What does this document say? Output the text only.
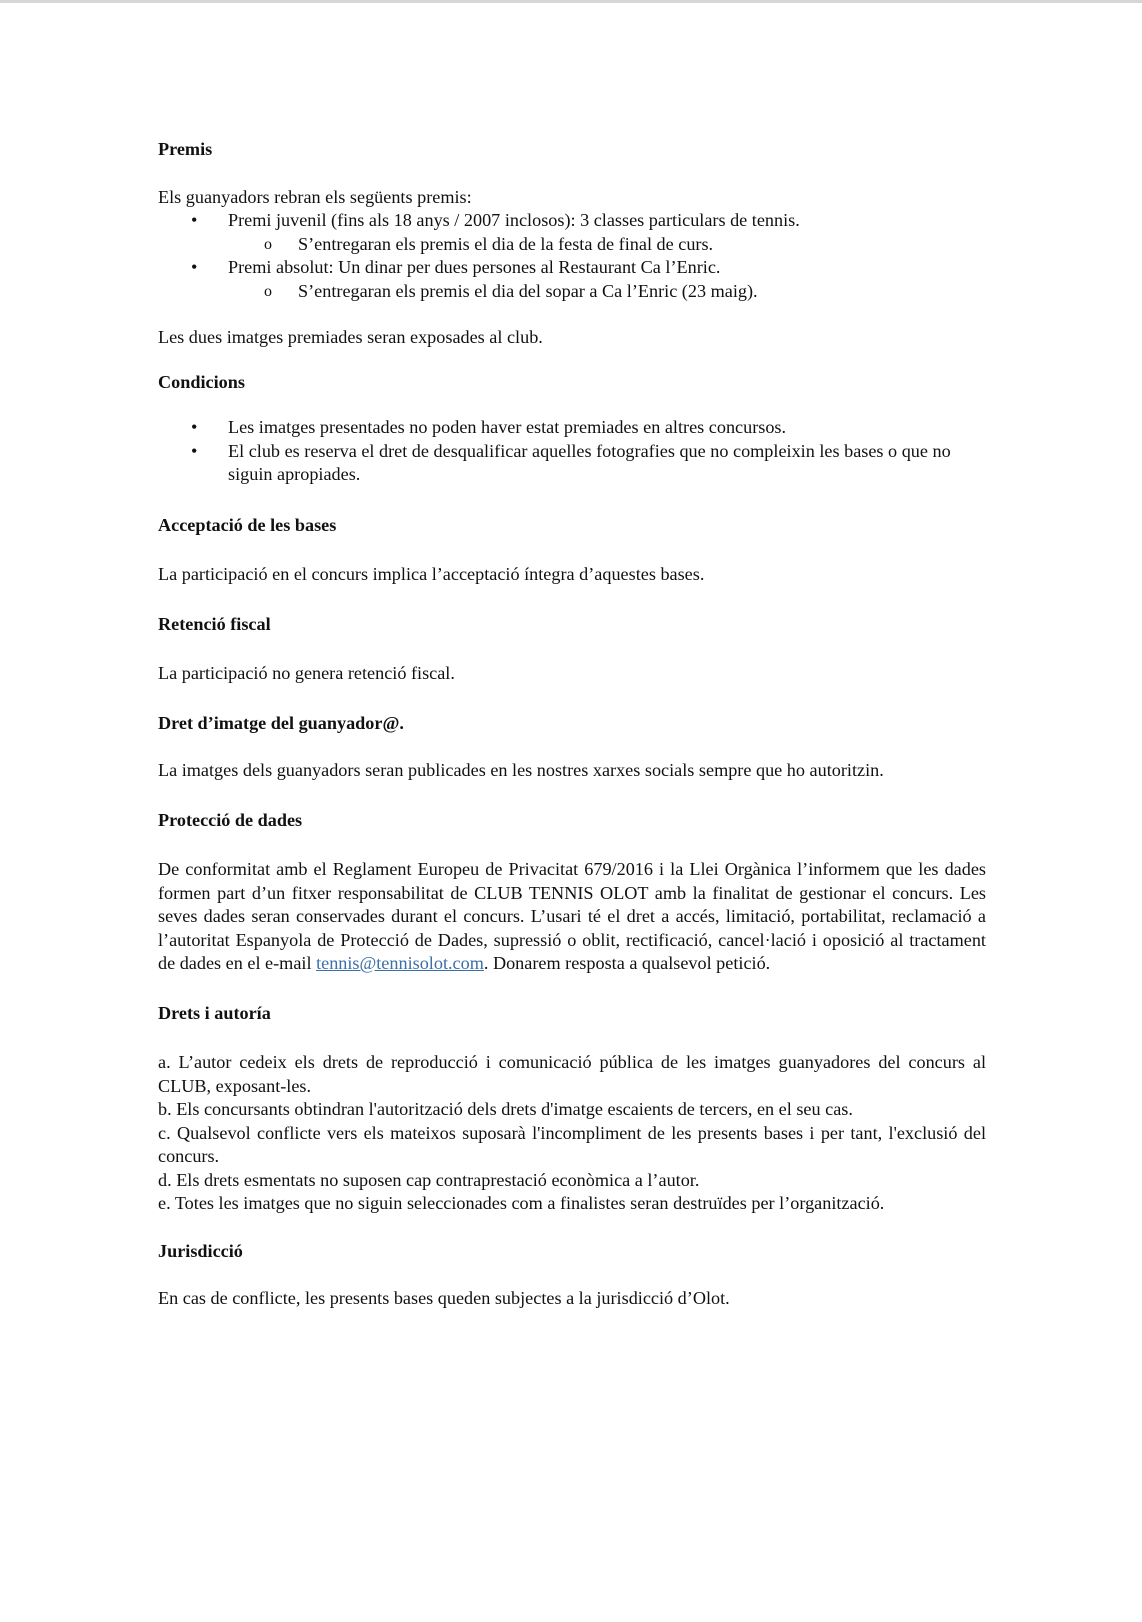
Premis

Els guanyadors rebran els següents premis:

• Premi juvenil (fins als 18 anys / 2007 inclosos): 3 classes particulars de tennis.
o S’entregaran els premis el dia de la festa de final de curs.
• Premi absolut: Un dinar per dues persones al Restaurant Ca l’Enric.
o S’entregaran els premis el dia del sopar a Ca l’Enric (23 maig).

Les dues imatges premiades seran exposades al club.

Condicions

• Les imatges presentades no poden haver estat premiades en altres concursos.
• El club es reserva el dret de desqualificar aquelles fotografies que no compleixin les bases o que no siguin apropiades.

Acceptació de les bases

La participació en el concurs implica l’acceptació íntegra d’aquestes bases.

Retenció fiscal

La participació no genera retenció fiscal.

Dret d’imatge del guanyador@.

La imatges dels guanyadors seran publicades en les nostres xarxes socials sempre que ho autoritzin.

Protecció de dades

De conformitat amb el Reglament Europeu de Privacitat 679/2016 i la Llei Orgànica l’informem que les dades formen part d’un fitxer responsabilitat de CLUB TENNIS OLOT amb la finalitat de gestionar el concurs. Les seves dades seran conservades durant el concurs. L’usari té el dret a accés, limitació, portabilitat, reclamació a l’autoritat Espanyola de Protecció de Dades, supressió o oblit, rectificació, cancel·lació i oposició al tractament de dades en el e-mail tennis@tennisolot.com. Donarem resposta a qualsevol petició.

Drets i autoría

a. L’autor cedeix els drets de reproducció i comunicació pública de les imatges guanyadores del concurs al CLUB, exposant-les.

b. Els concursants obtindran l'autorització dels drets d'imatge escaients de tercers, en el seu cas.

c. Qualsevol conflicte vers els mateixos suposarà l'incompliment de les presents bases i per tant, l'exclusió del concurs.

d. Els drets esmentats no suposen cap contraprestació econòmica a l’autor.

e. Totes les imatges que no siguin seleccionades com a finalistes seran destruïdes per l’organització.

Jurisdicció

En cas de conflicte, les presents bases queden subjectes a la jurisdicció d’Olot.
